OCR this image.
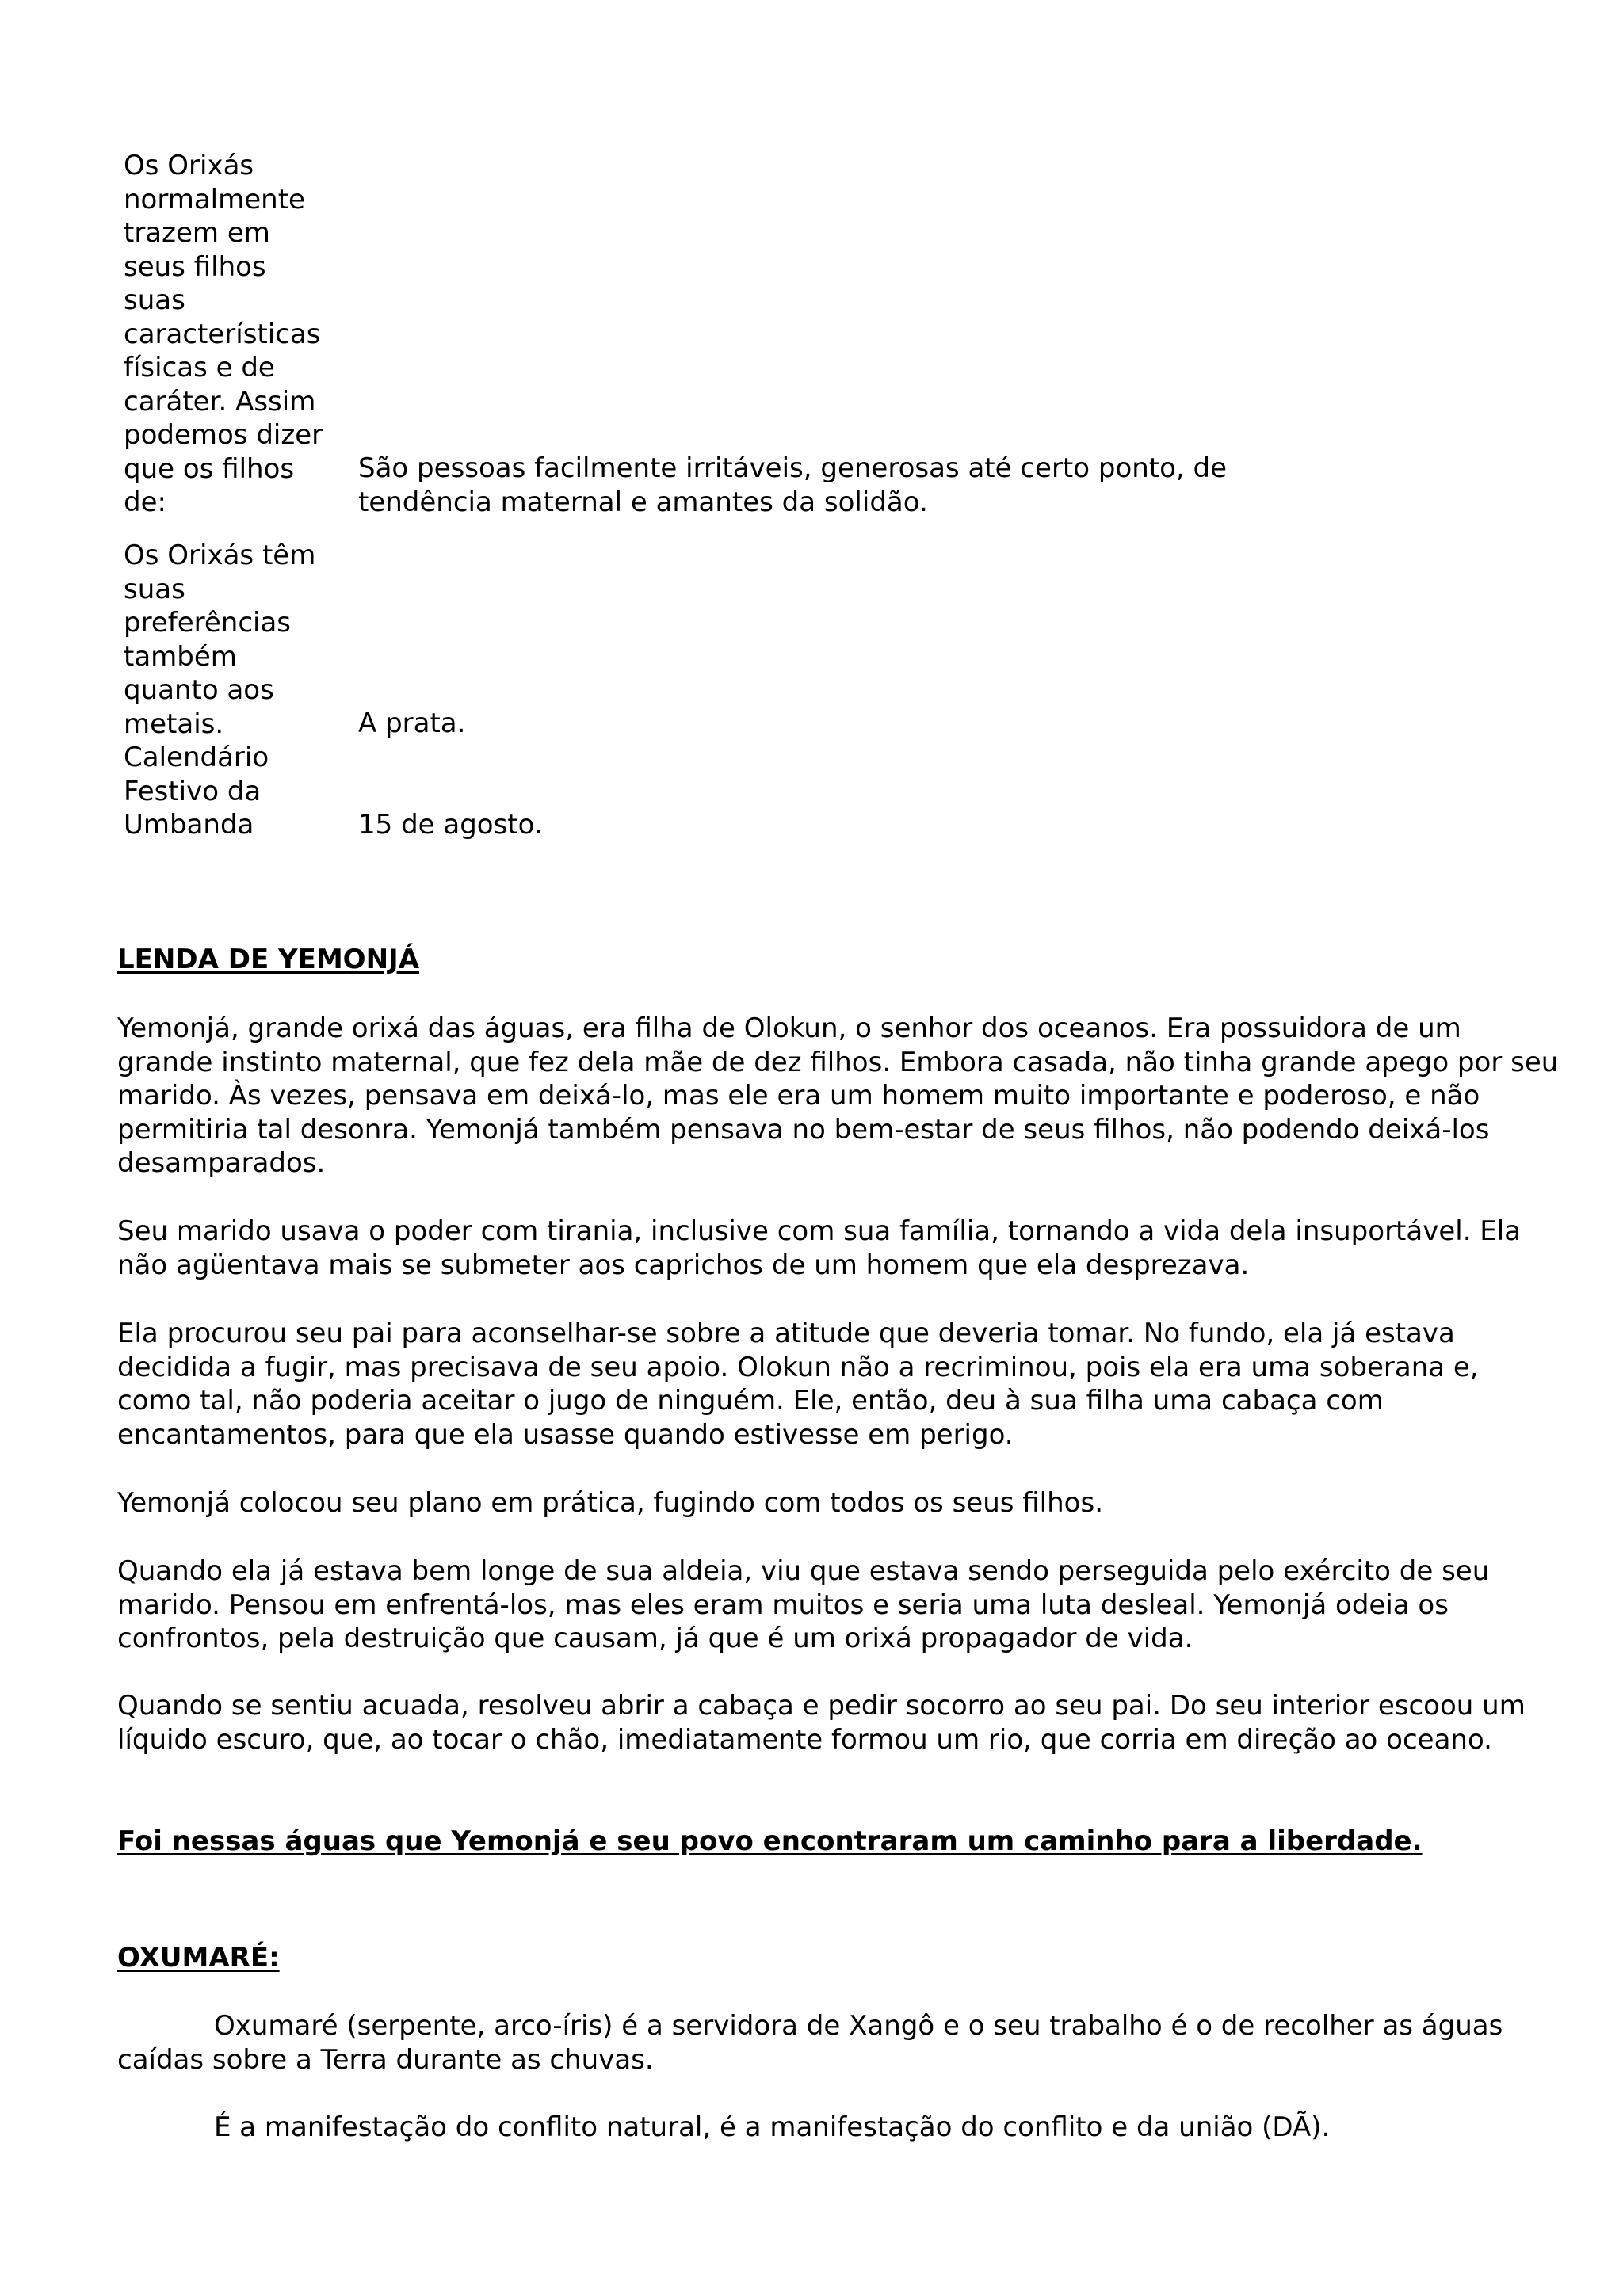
Os Orixás
normalmente
trazem em
seus filhos
suas
características
físicas e de
caráter. Assim
podemos dizer
que os filhos
de:

São pessoas facilmente irritáveis, generosas até certo ponto, de
tendência maternal e amantes da solidão.

Os Orixás têm
suas
preferências
também
quanto aos
metais.	A prata.

Calendário
Festivo da
Umbanda	15 de agosto.

LENDA DE YEMONJÁ

Yemonjá, grande orixá das águas, era filha de Olokun, o senhor dos oceanos. Era possuidora de um grande instinto maternal, que fez dela mãe de dez filhos. Embora casada, não tinha grande apego por seu marido. Às vezes, pensava em deixá-lo, mas ele era um homem muito importante e poderoso, e não permitiria tal desonra. Yemonjá também pensava no bem-estar de seus filhos, não podendo deixá-los desamparados.

Seu marido usava o poder com tirania, inclusive com sua família, tornando a vida dela insuportável. Ela não agüentava mais se submeter aos caprichos de um homem que ela desprezava.

Ela procurou seu pai para aconselhar-se sobre a atitude que deveria tomar. No fundo, ela já estava decidida a fugir, mas precisava de seu apoio. Olokun não a recriminou, pois ela era uma soberana e, como tal, não poderia aceitar o jugo de ninguém. Ele, então, deu à sua filha uma cabaça com encantamentos, para que ela usasse quando estivesse em perigo.

Yemonjá colocou seu plano em prática, fugindo com todos os seus filhos.

Quando ela já estava bem longe de sua aldeia, viu que estava sendo perseguida pelo exército de seu marido. Pensou em enfrentá-los, mas eles eram muitos e seria uma luta desleal. Yemonjá odeia os confrontos, pela destruição que causam, já que é um orixá propagador de vida.

Quando se sentiu acuada, resolveu abrir a cabaça e pedir socorro ao seu pai. Do seu interior escoou um líquido escuro, que, ao tocar o chão, imediatamente formou um rio, que corria em direção ao oceano.

Foi nessas águas que Yemonjá e seu povo encontraram um caminho para a liberdade.

OXUMARÉ:

Oxumaré (serpente, arco-íris) é a servidora de Xangô e o seu trabalho é o de recolher as águas caídas sobre a Terra durante as chuvas.

É a manifestação do conflito natural, é a manifestação do conflito e da união (DÃ).
